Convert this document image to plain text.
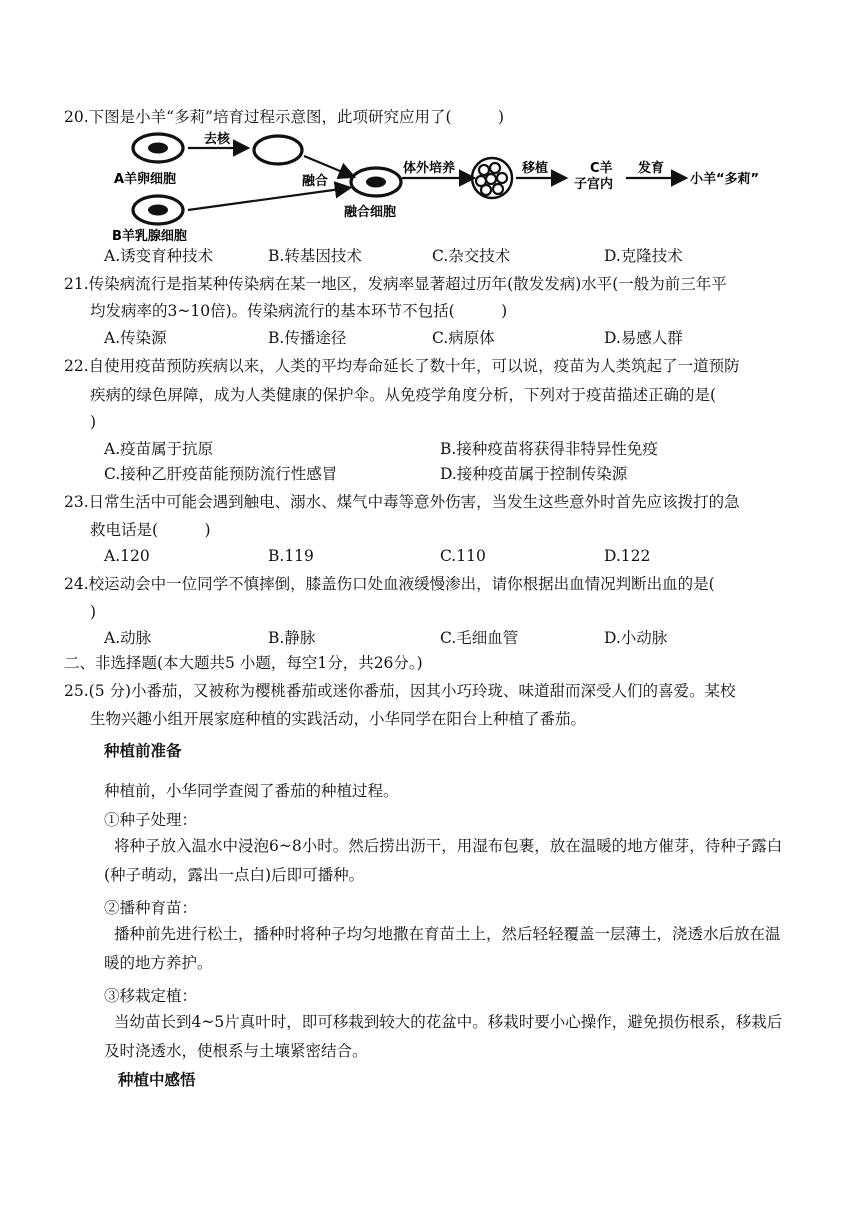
20.下图是小羊“多莉”培育过程示意图，此项研究应用了(　　　)
A羊卵细胞
去核
融合
B羊乳腺细胞
融合细胞
体外培养	移植	C羊
子宫内
发育
小羊“多莉”
A.诱变育种技术	B.转基因技术	C.杂交技术	D.克隆技术
21.传染病流行是指某种传染病在某一地区，发病率显著超过历年(散发发病)水平(一般为前三年平
均发病率的3~10倍)。传染病流行的基本环节不包括(　　　)
A.传染源	B.传播途径	C.病原体	D.易感人群
22.自使用疫苗预防疾病以来，人类的平均寿命延长了数十年，可以说，疫苗为人类筑起了一道预防
疾病的绿色屏障，成为人类健康的保护伞。从免疫学角度分析，下列对于疫苗描述正确的是(
)
A.疫苗属于抗原	B.接种疫苗将获得非特异性免疫
C.接种乙肝疫苗能预防流行性感冒	D.接种疫苗属于控制传染源
23.日常生活中可能会遇到触电、溺水、煤气中毒等意外伤害，当发生这些意外时首先应该拨打的急
救电话是(　　　)
A.120	B.119	C.110	D.122
24.校运动会中一位同学不慎摔倒，膝盖伤口处血液缓慢渗出，请你根据出血情况判断出血的是(
)
A.动脉	B.静脉	C.毛细血管	D.小动脉
二、非选择题(本大题共5 小题，每空1分，共26分。)
25.(5 分)小番茄，又被称为樱桃番茄或迷你番茄，因其小巧玲珑、味道甜而深受人们的喜爱。某校
生物兴趣小组开展家庭种植的实践活动，小华同学在阳台上种植了番茄。
种植前准备
种植前，小华同学查阅了番茄的种植过程。
①种子处理：
将种子放入温水中浸泡6~8小时。然后捞出沥干，用湿布包裹，放在温暖的地方催芽，待种子露白(种子萌动，露出一点白)后即可播种。
②播种育苗：
播种前先进行松土，播种时将种子均匀地撒在育苗土上，然后轻轻覆盖一层薄土，浇透水后放在温暖的地方养护。
③移栽定植：
当幼苗长到4~5片真叶时，即可移栽到较大的花盆中。移栽时要小心操作，避免损伤根系，移栽后及时浇透水，使根系与土壤紧密结合。
种植中感悟
